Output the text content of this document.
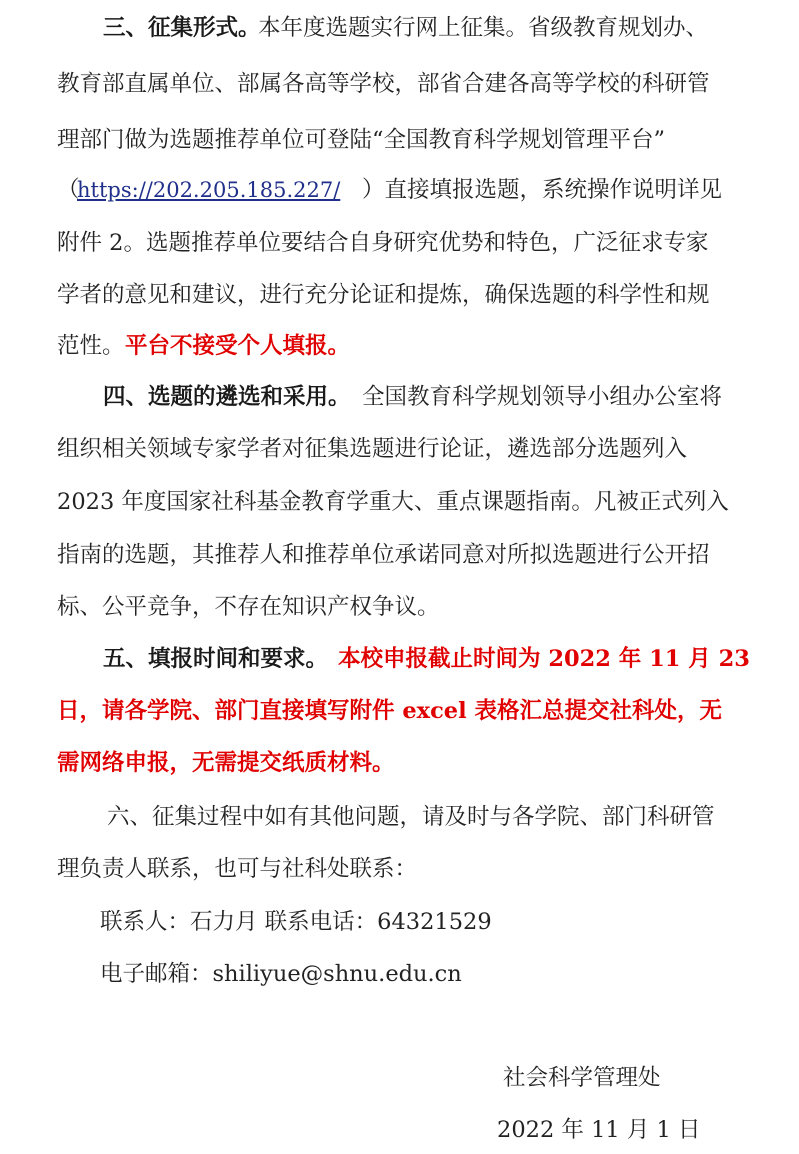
三、征集形式。
本年度选题实行网上征集。省级教育规划办、
教育部直属单位、部属各高等学校，部省合建各高等学校的科研管
理部门做为选题推荐单位可登陆“全国教育科学规划管理平台”
（
https://202.205.185.227/ ）直接填报选题，系统操作说明详见
附件 2。选题推荐单位要结合自身研究优势和特色，广泛征求专家
学者的意见和建议，进行充分论证和提炼，确保选题的科学性和规
范性。 平台不接受个人填报。
四、选题的遴选和采用。 全国教育科学规划领导小组办公室将
组织相关领域专家学者对征集选题进行论证，遴选部分选题列入
2023 年度国家社科基金教育学重大、重点课题指南。凡被正式列入
指南的选题，其推荐人和推荐单位承诺同意对所拟选题进行公开招
标、公平竞争，不存在知识产权争议。
五、填报时间和要求。 本校申报截止时间为 2022 年 11 月 23
日，请各学院、部门直接填写附件 excel 表格汇总提交社科处，无
需网络申报，无需提交纸质材料。
六、征集过程中如有其他问题，请及时与各学院、部门科研管
理负责人联系，也可与社科处联系：
联系人：石力月 联系电话：64321529
电子邮箱：shiliyue@shnu.edu.cn
社会科学管理处
2022 年 11 月 1 日
